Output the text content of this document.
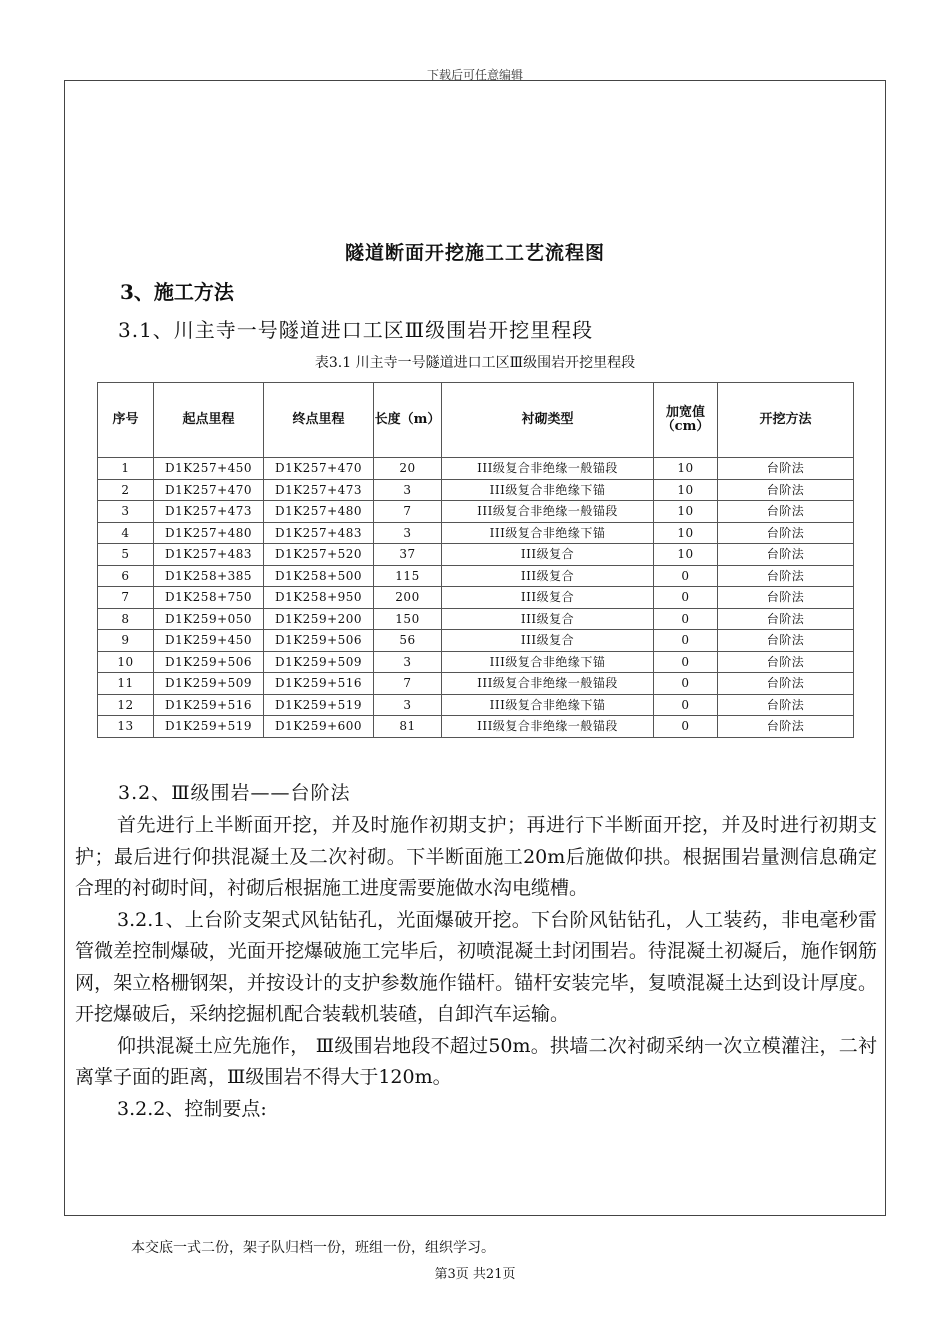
下载后可任意编辑
隧道断面开挖施工工艺流程图
3、施工方法
3.1、川主寺一号隧道进口工区Ⅲ级围岩开挖里程段
表3.1 川主寺一号隧道进口工区Ⅲ级围岩开挖里程段
序号	起点里程	终点里程	长度（m）	衬砌类型	加宽值（cm）	开挖方法
1	D1K257+450	D1K257+470	20	III级复合非绝缘一般锚段	10	台阶法
2	D1K257+470	D1K257+473	3	III级复合非绝缘下锚	10	台阶法
3	D1K257+473	D1K257+480	7	III级复合非绝缘一般锚段	10	台阶法
4	D1K257+480	D1K257+483	3	III级复合非绝缘下锚	10	台阶法
5	D1K257+483	D1K257+520	37	III级复合	10	台阶法
6	D1K258+385	D1K258+500	115	III级复合	0	台阶法
7	D1K258+750	D1K258+950	200	III级复合	0	台阶法
8	D1K259+050	D1K259+200	150	III级复合	0	台阶法
9	D1K259+450	D1K259+506	56	III级复合	0	台阶法
10	D1K259+506	D1K259+509	3	III级复合非绝缘下锚	0	台阶法
11	D1K259+509	D1K259+516	7	III级复合非绝缘一般锚段	0	台阶法
12	D1K259+516	D1K259+519	3	III级复合非绝缘下锚	0	台阶法
13	D1K259+519	D1K259+600	81	III级复合非绝缘一般锚段	0	台阶法
3.2、Ⅲ级围岩——台阶法

首先进行上半断面开挖，并及时施作初期支护；再进行下半断面开挖，并及时进行初期支护；最后进行仰拱混凝土及二次衬砌。下半断面施工20m后施做仰拱。根据围岩量测信息确定合理的衬砌时间，衬砌后根据施工进度需要施做水沟电缆槽。

3.2.1、上台阶支架式风钻钻孔，光面爆破开挖。下台阶风钻钻孔，人工装药，非电毫秒雷管微差控制爆破，光面开挖爆破施工完毕后，初喷混凝土封闭围岩。待混凝土初凝后，施作钢筋网，架立格栅钢架，并按设计的支护参数施作锚杆。锚杆安装完毕，复喷混凝土达到设计厚度。开挖爆破后，采纳挖掘机配合装载机装碴，自卸汽车运输。

仰拱混凝土应先施作， Ⅲ级围岩地段不超过50m。拱墙二次衬砌采纳一次立模灌注，二衬离掌子面的距离，Ⅲ级围岩不得大于120m。

3.2.2、控制要点:

本交底一式二份，架子队归档一份，班组一份，组织学习。
第3页 共21页
